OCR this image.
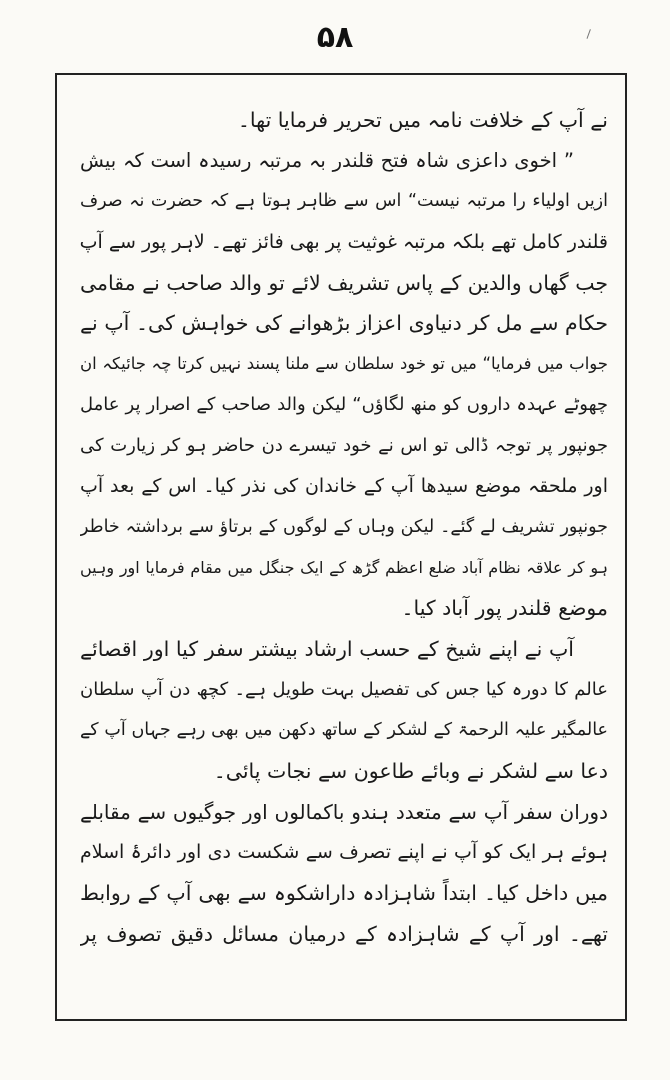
۵۸
نے آپ کے خلافت نامہ میں تحریر فرمایا تھا۔
” اخوی داعزی شاہ فتح قلندر بہ مرتبہ رسیدہ است کہ بیش
ازیں اولیاء را مرتبہ نیست“ اس سے ظاہر ہوتا ہے کہ حضرت نہ صرف
قلندر کامل تھے بلکہ مرتبہ غوثیت پر بھی فائز تھے۔ لاہر پور سے آپ
جب گھاں والدین کے پاس تشریف لائے تو والد صاحب نے مقامی
حکام سے مل کر دنیاوی اعزاز بڑھوانے کی خواہش کی۔ آپ نے
جواب میں فرمایا“ میں تو خود سلطان سے ملنا پسند نہیں کرتا چہ جائیکہ ان
چھوٹے عہدہ داروں کو منھ لگاؤں“ لیکن والد صاحب کے اصرار پر عامل
جونپور پر توجہ ڈالی تو اس نے خود تیسرے دن حاضر ہو کر زیارت کی
اور ملحقہ موضع سیدھا آپ کے خاندان کی نذر کیا۔ اس کے بعد آپ
جونپور تشریف لے گئے۔ لیکن وہاں کے لوگوں کے برتاؤ سے برداشتہ خاطر
ہو کر علاقہ نظام آباد ضلع اعظم گڑھ کے ایک جنگل میں مقام فرمایا اور وہیں
موضع قلندر پور آباد کیا۔
آپ نے اپنے شیخ کے حسب ارشاد بیشتر سفر کیا اور اقصائے
عالم کا دورہ کیا جس کی تفصیل بہت طویل ہے۔ کچھ دن آپ سلطان
عالمگیر علیہ الرحمۃ کے لشکر کے ساتھ دکھن میں بھی رہے جہاں آپ کے
دعا سے لشکر نے وبائے طاعون سے نجات پائی۔
دوران سفر آپ سے متعدد ہندو باکمالوں اور جوگیوں سے مقابلے
ہوئے ہر ایک کو آپ نے اپنے تصرف سے شکست دی اور دائرۂ اسلام
میں داخل کیا۔ ابتداً شاہزادہ داراشکوہ سے بھی آپ کے روابط
تھے۔ اور آپ کے شاہزادہ کے درمیان مسائل دقیق تصوف پر
